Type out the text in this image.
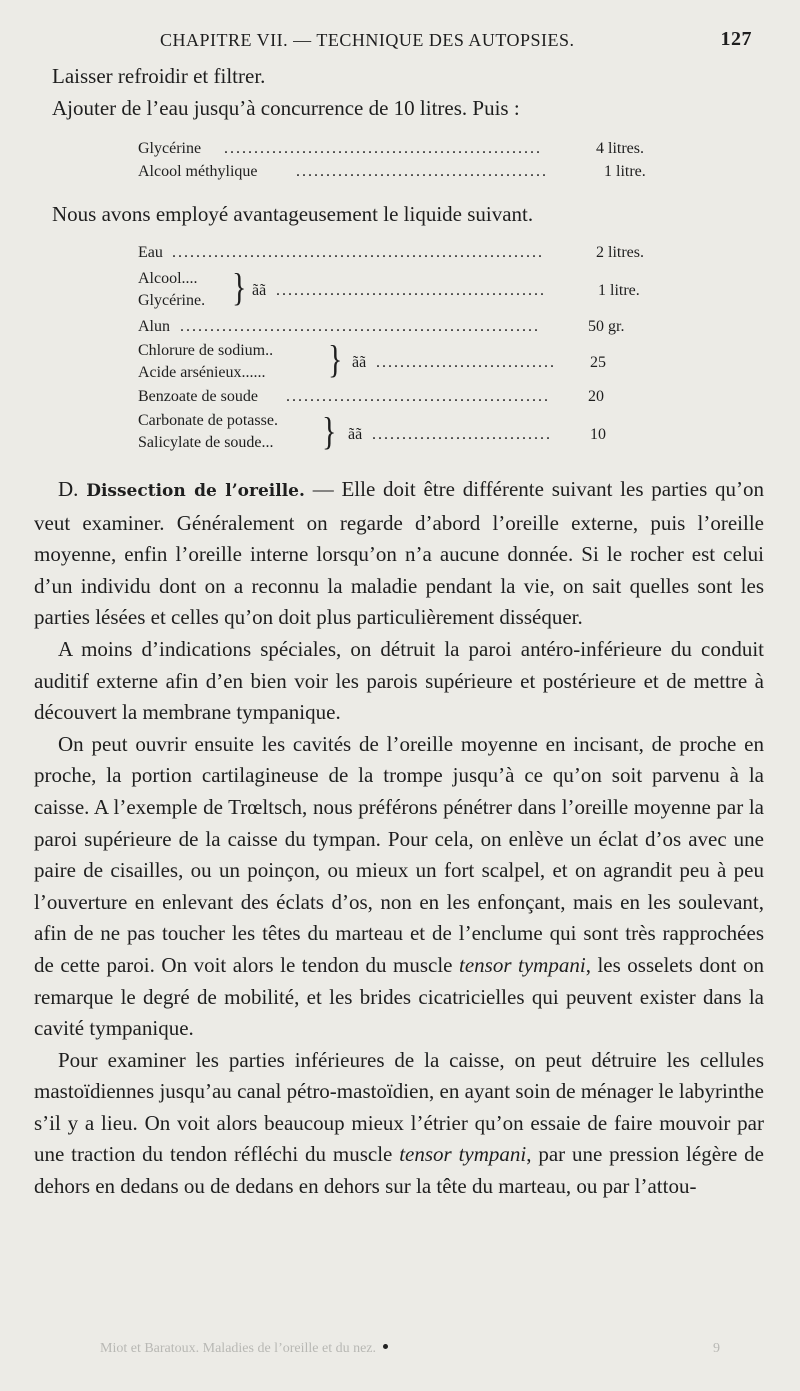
CHAPITRE VII. — TECHNIQUE DES AUTOPSIES.	127
Laisser refroidir et filtrer.
Ajouter de l’eau jusqu’à concurrence de 10 litres. Puis :
Glycérine .....................................................	4 litres.
Alcool méthylique ..........................................	1 litre.
Nous avons employé avantageusement le liquide suivant.
Eau ..............................................................	2 litres.
Alcool....
Glycérine. } ãã .............................................	1 litre.
Alun ............................................................	50 gr.
Chlorure de sodium..
Acide arsénieux...... } ãã .............................. 25
Benzoate de soude ............................................ 20
Carbonate de potasse.
Salicylate de soude... } ãã .............................. 10

D. Dissection de l’oreille. — Elle doit être différente suivant les parties qu’on veut examiner. Généralement on regarde d’abord l’oreille externe, puis l’oreille moyenne, enfin l’oreille interne lorsqu’on n’a aucune donnée. Si le rocher est celui d’un individu dont on a reconnu la maladie pendant la vie, on sait quelles sont les parties lésées et celles qu’on doit plus particulièrement disséquer.

A moins d’indications spéciales, on détruit la paroi antéro-inférieure du conduit auditif externe afin d’en bien voir les parois supérieure et postérieure et de mettre à découvert la membrane tympanique.

On peut ouvrir ensuite les cavités de l’oreille moyenne en incisant, de proche en proche, la portion cartilagineuse de la trompe jusqu’à ce qu’on soit parvenu à la caisse. A l’exemple de Trœltsch, nous préférons pénétrer dans l’oreille moyenne par la paroi supérieure de la caisse du tympan. Pour cela, on enlève un éclat d’os avec une paire de cisailles, ou un poinçon, ou mieux un fort scalpel, et on agrandit peu à peu l’ouverture en enlevant des éclats d’os, non en les enfonçant, mais en les soulevant, afin de ne pas toucher les têtes du marteau et de l’enclume qui sont très rapprochées de cette paroi. On voit alors le tendon du muscle tensor tympani, les osselets dont on remarque le degré de mobilité, et les brides cicatricielles qui peuvent exister dans la cavité tympanique.

Pour examiner les parties inférieures de la caisse, on peut détruire les cellules mastoïdiennes jusqu’au canal pétro-mastoïdien, en ayant soin de ménager le labyrinthe s’il y a lieu. On voit alors beaucoup mieux l’étrier qu’on essaie de faire mouvoir par une traction du tendon réfléchi du muscle tensor tympani, par une pression légère de dehors en dedans ou de dedans en dehors sur la tête du marteau, ou par l’attou-

Miot et Baratoux. Maladies de l’oreille et du nez.	9
